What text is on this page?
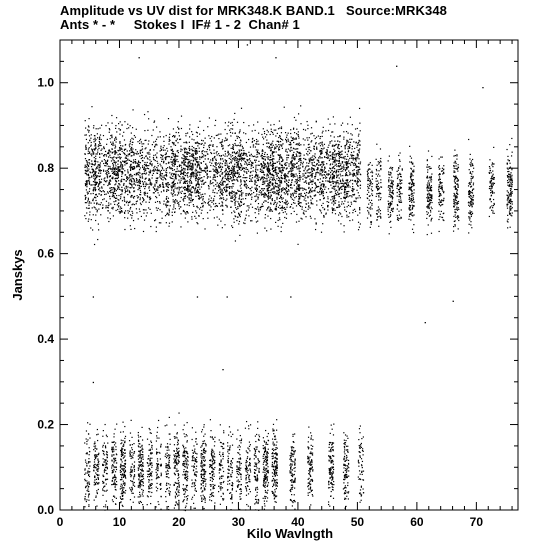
Amplitude vs UV dist for MRK348.K BAND.1   Source:MRK348
Ants * - *     Stokes I  IF# 1 - 2  Chan# 1
0	10	20	30	40	50	60	70
0.0
0.2
0.4
0.6
0.8
1.0
Kilo Wavlngth
Janskys
